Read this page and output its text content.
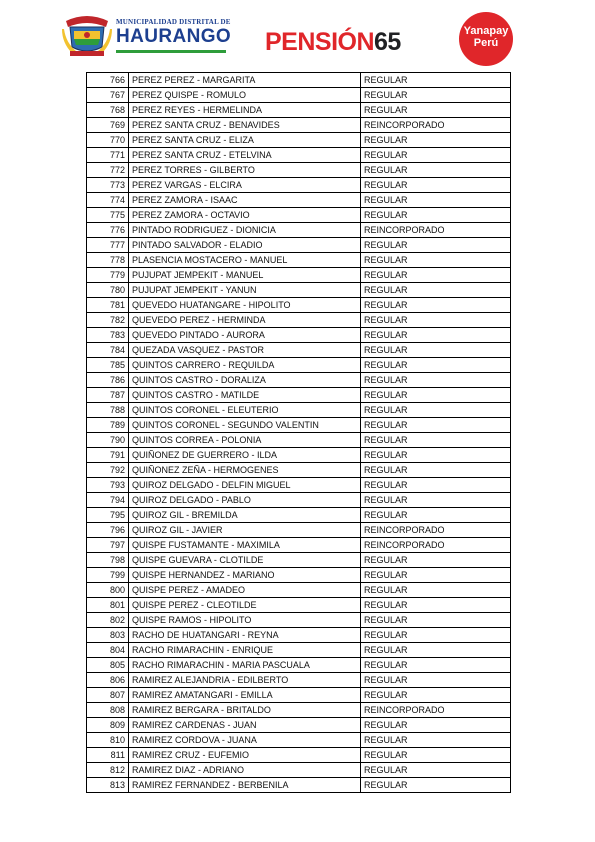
MUNICIPALIDAD DISTRITAL DE
HAURANGO PENSIÓN65	Yanapay
Perú
766	PEREZ PEREZ - MARGARITA	REGULAR
767	PEREZ QUISPE - ROMULO	REGULAR
768	PEREZ REYES - HERMELINDA	REGULAR
769	PEREZ SANTA CRUZ - BENAVIDES	REINCORPORADO
770	PEREZ SANTA CRUZ - ELIZA	REGULAR
771	PEREZ SANTA CRUZ - ETELVINA	REGULAR
772	PEREZ TORRES - GILBERTO	REGULAR
773	PEREZ VARGAS - ELCIRA	REGULAR
774	PEREZ ZAMORA - ISAAC	REGULAR
775	PEREZ ZAMORA - OCTAVIO	REGULAR
776	PINTADO RODRIGUEZ - DIONICIA	REINCORPORADO
777	PINTADO SALVADOR - ELADIO	REGULAR
778	PLASENCIA MOSTACERO - MANUEL	REGULAR
779	PUJUPAT JEMPEKIT - MANUEL	REGULAR
780	PUJUPAT JEMPEKIT - YANUN	REGULAR
781	QUEVEDO HUATANGARE - HIPOLITO	REGULAR
782	QUEVEDO PEREZ - HERMINDA	REGULAR
783	QUEVEDO PINTADO - AURORA	REGULAR
784	QUEZADA VASQUEZ - PASTOR	REGULAR
785	QUINTOS CARRERO - REQUILDA	REGULAR
786	QUINTOS CASTRO - DORALIZA	REGULAR
787	QUINTOS CASTRO - MATILDE	REGULAR
788	QUINTOS CORONEL - ELEUTERIO	REGULAR
789	QUINTOS CORONEL - SEGUNDO VALENTIN	REGULAR
790	QUINTOS CORREA - POLONIA	REGULAR
791	QUIÑONEZ DE GUERRERO - ILDA	REGULAR
792	QUIÑONEZ ZEÑA - HERMOGENES	REGULAR
793	QUIROZ DELGADO - DELFIN MIGUEL	REGULAR
794	QUIROZ DELGADO - PABLO	REGULAR
795	QUIROZ GIL - BREMILDA	REGULAR
796	QUIROZ GIL - JAVIER	REINCORPORADO
797	QUISPE FUSTAMANTE - MAXIMILA	REINCORPORADO
798	QUISPE GUEVARA - CLOTILDE	REGULAR
799	QUISPE HERNANDEZ - MARIANO	REGULAR
800	QUISPE PEREZ - AMADEO	REGULAR
801	QUISPE PEREZ - CLEOTILDE	REGULAR
802	QUISPE RAMOS - HIPOLITO	REGULAR
803	RACHO DE HUATANGARI - REYNA	REGULAR
804	RACHO RIMARACHIN - ENRIQUE	REGULAR
805	RACHO RIMARACHIN - MARIA PASCUALA	REGULAR
806	RAMIREZ ALEJANDRIA - EDILBERTO	REGULAR
807	RAMIREZ AMATANGARI - EMILLA	REGULAR
808	RAMIREZ BERGARA - BRITALDO	REINCORPORADO
809	RAMIREZ CARDENAS - JUAN	REGULAR
810	RAMIREZ CORDOVA - JUANA	REGULAR
811	RAMIREZ CRUZ - EUFEMIO	REGULAR
812	RAMIREZ DIAZ - ADRIANO	REGULAR
813	RAMIREZ FERNANDEZ - BERBENILA	REGULAR
